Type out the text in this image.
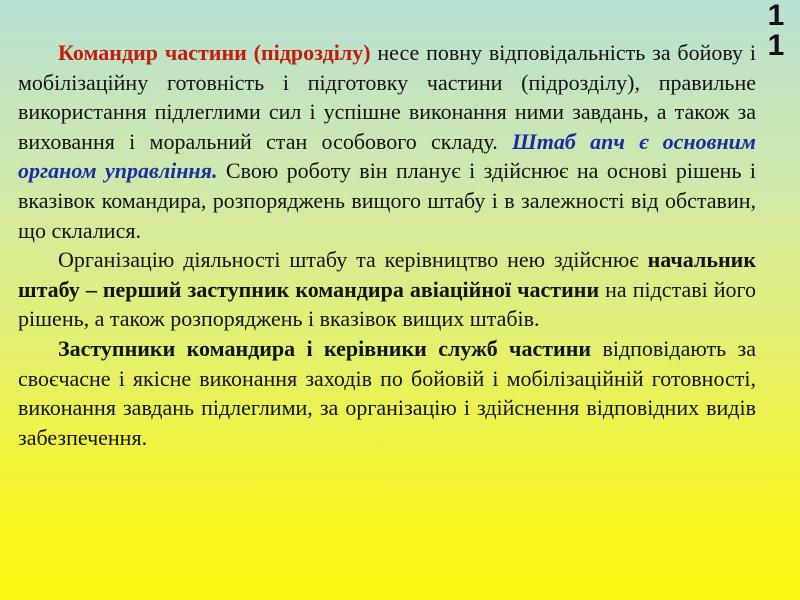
1
1

Командир частини (підрозділу) несе повну відповідальність за бойову і мобілізаційну готовність і підготовку частини (підрозділу), правильне використання підлеглими сил і успішне виконання ними завдань, а також за виховання і моральний стан особового складу. Штаб апч є основним органом управління. Свою роботу він планує і здійснює на основі рішень і вказівок командира, розпоряджень вищого штабу і в залежності від обставин, що склалися.

Організацію діяльності штабу та керівництво нею здійснює начальник штабу – перший заступник командира авіаційної частини на підставі його рішень, а також розпоряджень і вказівок вищих штабів.

Заступники командира і керівники служб частини відповідають за своєчасне і якісне виконання заходів по бойовій і мобілізаційній готовності, виконання завдань підлеглими, за організацію і здійснення відповідних видів забезпечення.
